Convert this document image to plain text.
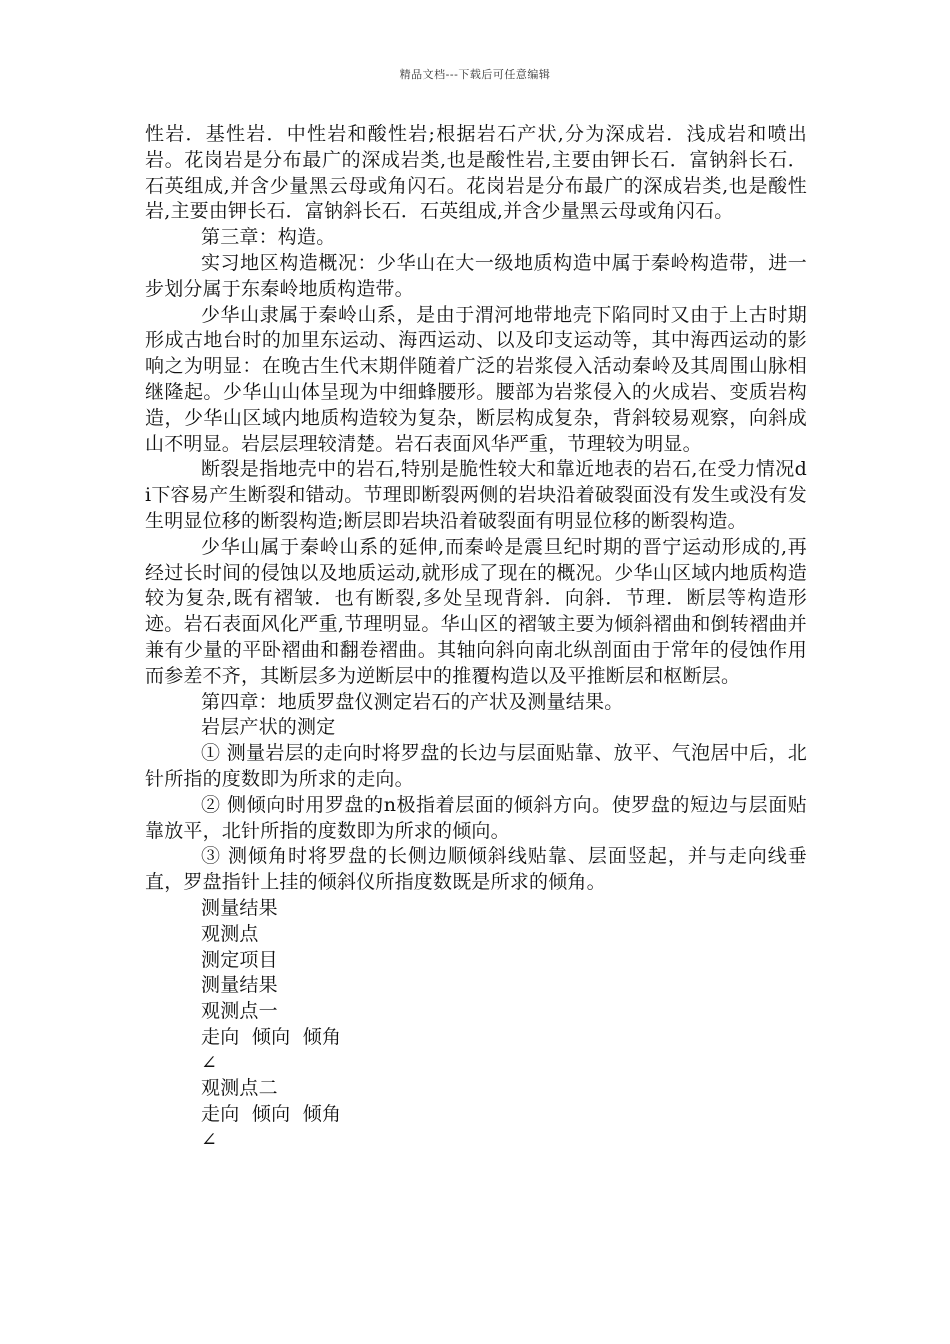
精品文档---下载后可任意编辑

性岩．基性岩．中性岩和酸性岩;根据岩石产状,分为深成岩．浅成岩和喷出岩。花岗岩是分布最广的深成岩类,也是酸性岩,主要由钾长石．富钠斜长石．石英组成,并含少量黑云母或角闪石。花岗岩是分布最广的深成岩类,也是酸性岩,主要由钾长石．富钠斜长石．石英组成,并含少量黑云母或角闪石。

第三章：构造。

实习地区构造概况：少华山在大一级地质构造中属于秦岭构造带，进一步划分属于东秦岭地质构造带。

少华山隶属于秦岭山系，是由于渭河地带地壳下陷同时又由于上古时期形成古地台时的加里东运动、海西运动、以及印支运动等，其中海西运动的影响之为明显：在晚古生代末期伴随着广泛的岩浆侵入活动秦岭及其周围山脉相继隆起。少华山山体呈现为中细蜂腰形。腰部为岩浆侵入的火成岩、变质岩构造，少华山区域内地质构造较为复杂，断层构成复杂，背斜较易观察，向斜成山不明显。岩层层理较清楚。岩石表面风华严重，节理较为明显。

断裂是指地壳中的岩石,特别是脆性较大和靠近地表的岩石,在受力情况di下容易产生断裂和错动。节理即断裂两侧的岩块沿着破裂面没有发生或没有发生明显位移的断裂构造;断层即岩块沿着破裂面有明显位移的断裂构造。

少华山属于秦岭山系的延伸,而秦岭是震旦纪时期的晋宁运动形成的,再经过长时间的侵蚀以及地质运动,就形成了现在的概况。少华山区域内地质构造较为复杂,既有褶皱．也有断裂,多处呈现背斜．向斜．节理．断层等构造形迹。岩石表面风化严重,节理明显。华山区的褶皱主要为倾斜褶曲和倒转褶曲并兼有少量的平卧褶曲和翻卷褶曲。其轴向斜向南北纵剖面由于常年的侵蚀作用而参差不齐，其断层多为逆断层中的推覆构造以及平推断层和枢断层。

第四章：地质罗盘仪测定岩石的产状及测量结果。

岩层产状的测定

① 测量岩层的走向时将罗盘的长边与层面贴靠、放平、气泡居中后，北针所指的度数即为所求的走向。

② 侧倾向时用罗盘的n极指着层面的倾斜方向。使罗盘的短边与层面贴靠放平，北针所指的度数即为所求的倾向。

③ 测倾角时将罗盘的长侧边顺倾斜线贴靠、层面竖起，并与走向线垂直，罗盘指针上挂的倾斜仪所指度数既是所求的倾角。

测量结果

观测点

测定项目

测量结果

观测点一

走向  倾向  倾角

∠

观测点二

走向  倾向  倾角

∠
